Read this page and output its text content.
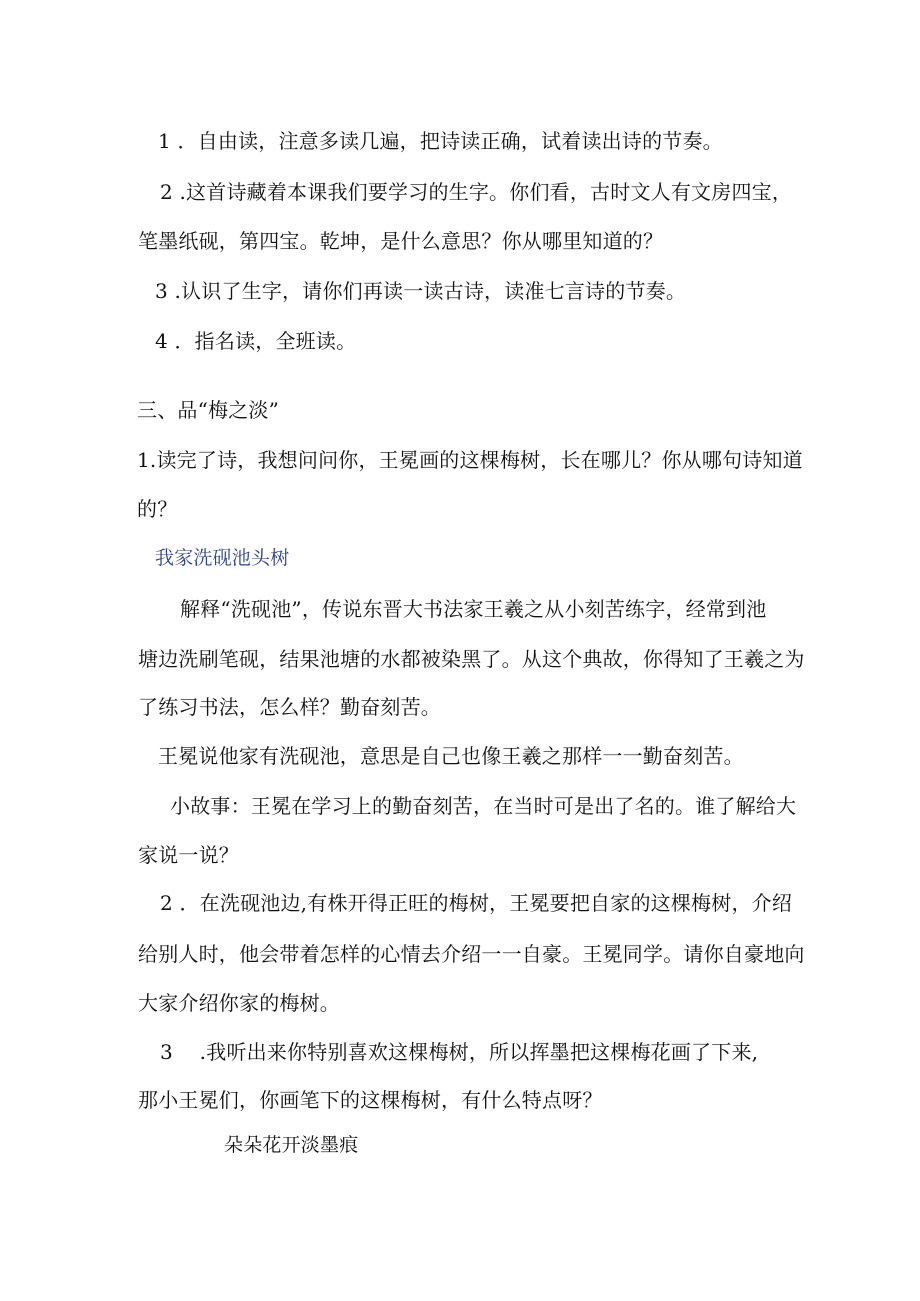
1 ．自由读，注意多读几遍，把诗读正确，试着读出诗的节奏。
2 .这首诗藏着本课我们要学习的生字。你们看，古时文人有文房四宝，
笔墨纸砚，第四宝。乾坤，是什么意思？你从哪里知道的？
3 .认识了生字，请你们再读一读古诗，读准七言诗的节奏。
4 ．指名读，全班读。
三、品“梅之淡”
1.读完了诗，我想问问你，王冕画的这棵梅树，长在哪儿？你从哪句诗知道
的？
我家洗砚池头树
解释“洗砚池”，传说东晋大书法家王羲之从小刻苦练字，经常到池
塘边洗刷笔砚，结果池塘的水都被染黑了。从这个典故，你得知了王羲之为
了练习书法，怎么样？勤奋刻苦。
王冕说他家有洗砚池，意思是自己也像王羲之那样一一勤奋刻苦。
小故事：王冕在学习上的勤奋刻苦，在当时可是出了名的。谁了解给大
家说一说？
2 ．在洗砚池边,有株开得正旺的梅树，王冕要把自家的这棵梅树，介绍
给别人时，他会带着怎样的心情去介绍一一自豪。王冕同学。请你自豪地向
大家介绍你家的梅树。
3 　.我听出来你特别喜欢这棵梅树，所以挥墨把这棵梅花画了下来,
那小王冕们，你画笔下的这棵梅树，有什么特点呀？
朵朵花开淡墨痕
